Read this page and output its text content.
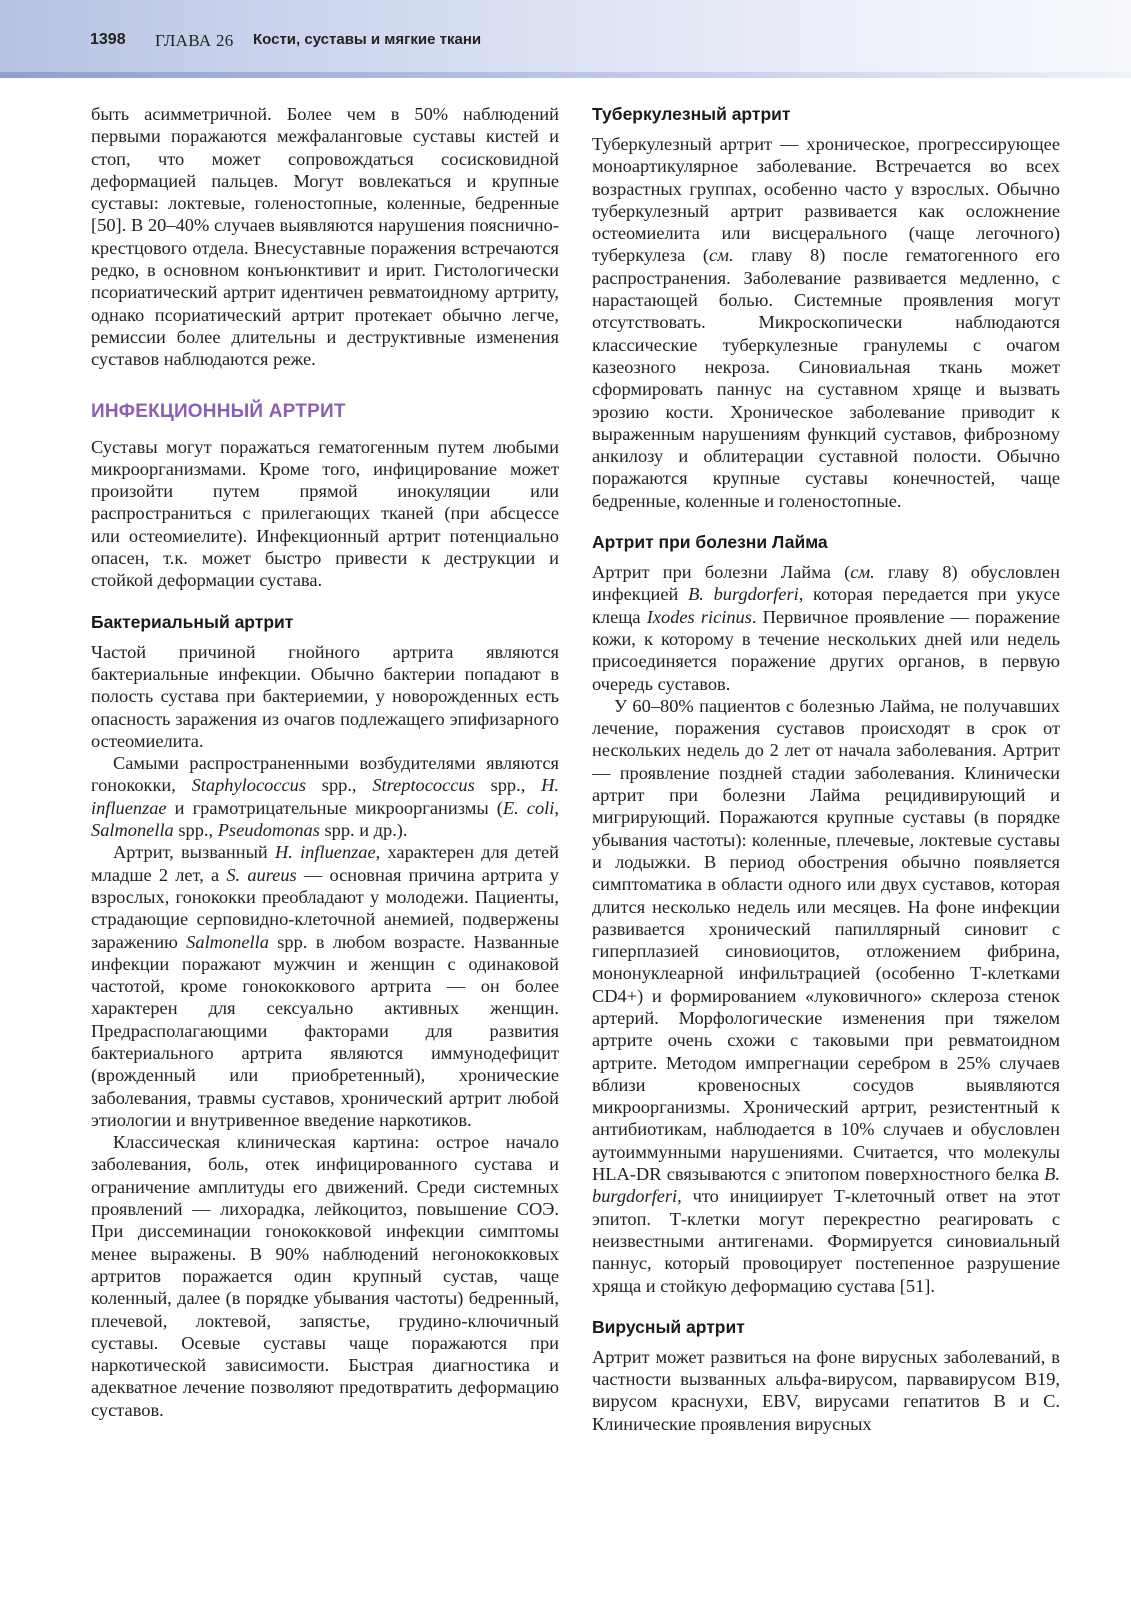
1398 ГЛАВА 26 Кости, суставы и мягкие ткани

быть асимметричной. Более чем в 50% наблюдений первыми поражаются межфаланговые суставы кистей и стоп, что может сопровождаться сосисковидной деформацией пальцев. Могут вовлекаться и крупные суставы: локтевые, голеностопные, коленные, бедренные [50]. В 20–40% случаев выявляются нарушения пояснично-крестцового отдела. Внесуставные поражения встречаются редко, в основном конъюнктивит и ирит. Гистологически псориатический артрит идентичен ревматоидному артриту, однако псориатический артрит протекает обычно легче, ремиссии более длительны и деструктивные изменения суставов наблюдаются реже.

ИНФЕКЦИОННЫЙ АРТРИТ

Суставы могут поражаться гематогенным путем любыми микроорганизмами. Кроме того, инфицирование может произойти путем прямой инокуляции или распространиться с прилегающих тканей (при абсцессе или остеомиелите). Инфекционный артрит потенциально опасен, т.к. может быстро привести к деструкции и стойкой деформации сустава.

Бактериальный артрит

Частой причиной гнойного артрита являются бактериальные инфекции. Обычно бактерии попадают в полость сустава при бактериемии, у новорожденных есть опасность заражения из очагов подлежащего эпифизарного остеомиелита.

Самыми распространенными возбудителями являются гонококки, Staphylococcus spp., Streptococcus spp., H. influenzae и грамотрицательные микроорганизмы (E. coli, Salmonella spp., Pseudomonas spp. и др.).

Артрит, вызванный H. influenzae, характерен для детей младше 2 лет, а S. aureus — основная причина артрита у взрослых, гонококки преобладают у молодежи. Пациенты, страдающие серповидно-клеточной анемией, подвержены заражению Salmonella spp. в любом возрасте. Названные инфекции поражают мужчин и женщин с одинаковой частотой, кроме гонококкового артрита — он более характерен для сексуально активных женщин. Предрасполагающими факторами для развития бактериального артрита являются иммунодефицит (врожденный или приобретенный), хронические заболевания, травмы суставов, хронический артрит любой этиологии и внутривенное введение наркотиков.

Классическая клиническая картина: острое начало заболевания, боль, отек инфицированного сустава и ограничение амплитуды его движений. Среди системных проявлений — лихорадка, лейкоцитоз, повышение СОЭ. При диссеминации гонококковой инфекции симптомы менее выражены. В 90% наблюдений негонококковых артритов поражается один крупный сустав, чаще коленный, далее (в порядке убывания частоты) бедренный, плечевой, локтевой, запястье, грудино-ключичный суставы. Осевые суставы чаще поражаются при наркотической зависимости. Быстрая диагностика и адекватное лечение позволяют предотвратить деформацию суставов.

Туберкулезный артрит

Туберкулезный артрит — хроническое, прогрессирующее моноартикулярное заболевание. Встречается во всех возрастных группах, особенно часто у взрослых. Обычно туберкулезный артрит развивается как осложнение остеомиелита или висцерального (чаще легочного) туберкулеза (см. главу 8) после гематогенного его распространения. Заболевание развивается медленно, с нарастающей болью. Системные проявления могут отсутствовать. Микроскопически наблюдаются классические туберкулезные гранулемы с очагом казеозного некроза. Синовиальная ткань может сформировать паннус на суставном хряще и вызвать эрозию кости. Хроническое заболевание приводит к выраженным нарушениям функций суставов, фиброзному анкилозу и облитерации суставной полости. Обычно поражаются крупные суставы конечностей, чаще бедренные, коленные и голеностопные.

Артрит при болезни Лайма

Артрит при болезни Лайма (см. главу 8) обусловлен инфекцией B. burgdorferi, которая передается при укусе клеща Ixodes ricinus. Первичное проявление — поражение кожи, к которому в течение нескольких дней или недель присоединяется поражение других органов, в первую очередь суставов.

У 60–80% пациентов с болезнью Лайма, не получавших лечение, поражения суставов происходят в срок от нескольких недель до 2 лет от начала заболевания. Артрит — проявление поздней стадии заболевания. Клинически артрит при болезни Лайма рецидивирующий и мигрирующий. Поражаются крупные суставы (в порядке убывания частоты): коленные, плечевые, локтевые суставы и лодыжки. В период обострения обычно появляется симптоматика в области одного или двух суставов, которая длится несколько недель или месяцев. На фоне инфекции развивается хронический папиллярный синовит с гиперплазией синовиоцитов, отложением фибрина, мононуклеарной инфильтрацией (особенно Т-клетками CD4+) и формированием «луковичного» склероза стенок артерий. Морфологические изменения при тяжелом артрите очень схожи с таковыми при ревматоидном артрите. Методом импрегнации серебром в 25% случаев вблизи кровеносных сосудов выявляются микроорганизмы. Хронический артрит, резистентный к антибиотикам, наблюдается в 10% случаев и обусловлен аутоиммунными нарушениями. Считается, что молекулы HLA-DR связываются с эпитопом поверхностного белка B. burgdorferi, что инициирует Т-клеточный ответ на этот эпитоп. Т-клетки могут перекрестно реагировать с неизвестными антигенами. Формируется синовиальный паннус, который провоцирует постепенное разрушение хряща и стойкую деформацию сустава [51].

Вирусный артрит

Артрит может развиться на фоне вирусных заболеваний, в частности вызванных альфа-вирусом, парвавирусом B19, вирусом краснухи, EBV, вирусами гепатитов B и C. Клинические проявления вирусных
